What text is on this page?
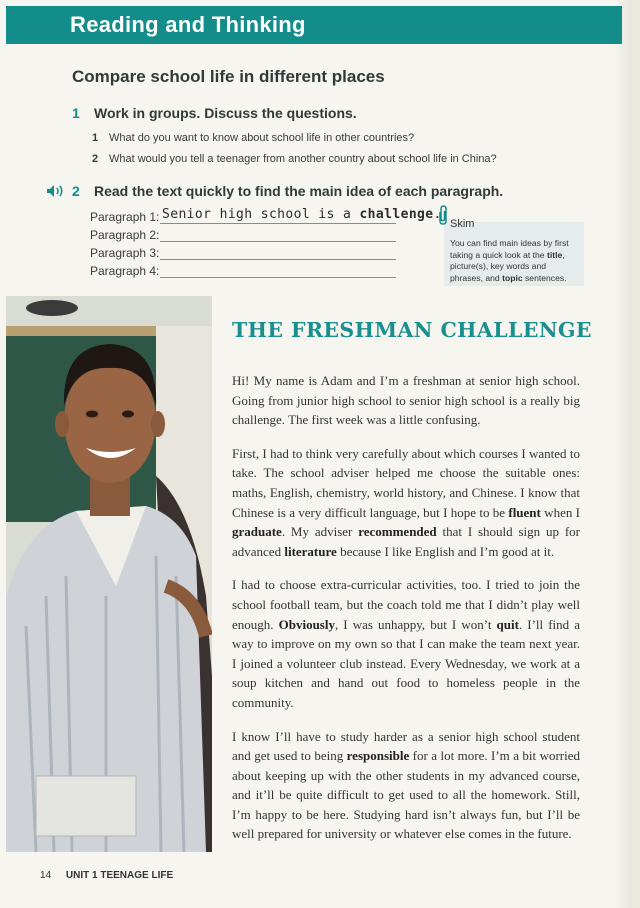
Reading and Thinking
Compare school life in different places
1 Work in groups. Discuss the questions.
1 What do you want to know about school life in other countries?
2 What would you tell a teenager from another country about school life in China?
2 Read the text quickly to find the main idea of each paragraph.
Paragraph 1:
Paragraph 2:
Paragraph 3:
Paragraph 4:
Senior high school is a challenge.
Skim
You can find main ideas by first taking a quick look at the title, picture(s), key words and phrases, and topic sentences.
THE FRESHMAN CHALLENGE

Hi! My name is Adam and I’m a freshman at senior high school. Going from junior high school to senior high school is a really big challenge. The first week was a little confusing.

First, I had to think very carefully about which courses I wanted to take. The school adviser helped me choose the suitable ones: maths, English, chemistry, world history, and Chinese. I know that Chinese is a very difficult language, but I hope to be fluent when I graduate. My adviser recommended that I should sign up for advanced literature because I like English and I’m good at it.

I had to choose extra-curricular activities, too. I tried to join the school football team, but the coach told me that I didn’t play well enough. Obviously, I was unhappy, but I won’t quit. I’ll find a way to improve on my own so that I can make the team next year. I joined a volunteer club instead. Every Wednesday, we work at a soup kitchen and hand out food to homeless people in the community.

I know I’ll have to study harder as a senior high school student and get used to being responsible for a lot more. I’m a bit worried about keeping up with the other students in my advanced course, and it’ll be quite difficult to get used to all the homework. Still, I’m happy to be here. Studying hard isn’t always fun, but I’ll be well prepared for university or whatever else comes in the future.

14 UNIT 1 TEENAGE LIFE
